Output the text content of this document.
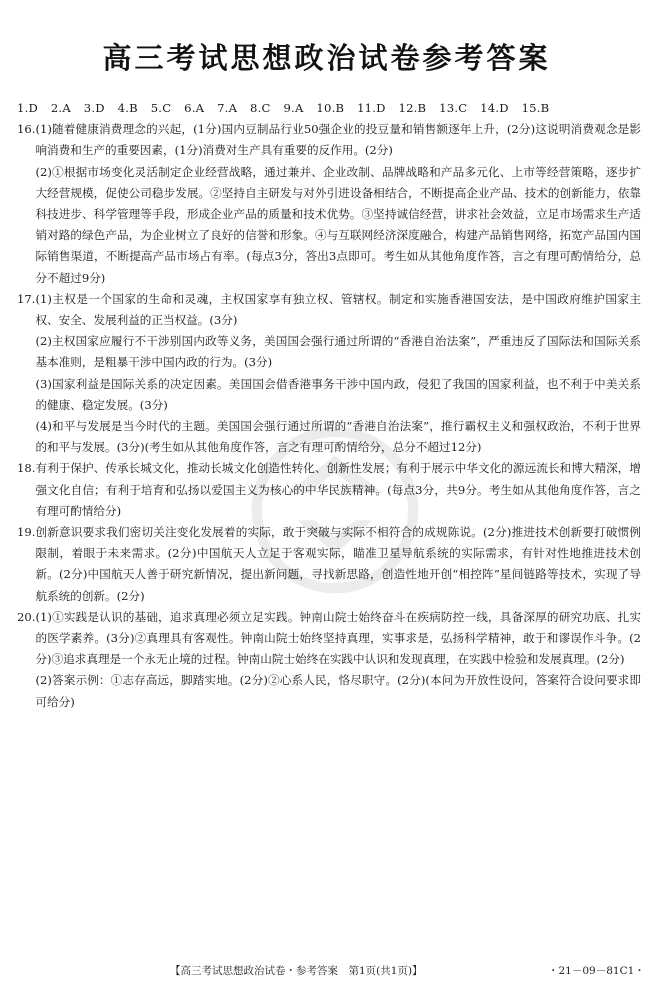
高三考试思想政治试卷参考答案
1.D 2.A 3.D 4.B 5.C 6.A 7.A 8.C 9.A 10.B 11.D 12.B 13.C 14.D 15.B
16. (1)随着健康消费理念的兴起，(1分)国内豆制品行业50强企业的投豆量和销售额逐年上升，(2分)这说明消费观念是影响消费和生产的重要因素，(1分)消费对生产具有重要的反作用。(2分)

(2)①根据市场变化灵活制定企业经营战略，通过兼并、企业改制、品牌战略和产品多元化、上市等经营策略，逐步扩大经营规模，促使公司稳步发展。②坚持自主研发与对外引进设备相结合，不断提高企业产品、技术的创新能力，依靠科技进步、科学管理等手段，形成企业产品的质量和技术优势。③坚持诚信经营，讲求社会效益，立足市场需求生产适销对路的绿色产品，为企业树立了良好的信誉和形象。④与互联网经济深度融合，构建产品销售网络，拓宽产品国内国际销售渠道，不断提高产品市场占有率。(每点3分，答出3点即可。考生如从其他角度作答，言之有理可酌情给分，总分不超过9分)

17. (1)主权是一个国家的生命和灵魂，主权国家享有独立权、管辖权。制定和实施香港国安法，是中国政府维护国家主权、安全、发展利益的正当权益。(3分)

(2)主权国家应履行不干涉别国内政等义务，美国国会强行通过所谓的“香港自治法案”，严重违反了国际法和国际关系基本准则，是粗暴干涉中国内政的行为。(3分)

(3)国家利益是国际关系的决定因素。美国国会借香港事务干涉中国内政，侵犯了我国的国家利益，也不利于中美关系的健康、稳定发展。(3分)

(4)和平与发展是当今时代的主题。美国国会强行通过所谓的“香港自治法案”，推行霸权主义和强权政治，不利于世界的和平与发展。(3分)(考生如从其他角度作答，言之有理可酌情给分，总分不超过12分)

18. 有利于保护、传承长城文化，推动长城文化创造性转化、创新性发展；有利于展示中华文化的源远流长和博大精深，增强文化自信；有利于培育和弘扬以爱国主义为核心的中华民族精神。(每点3分，共9分。考生如从其他角度作答，言之有理可酌情给分)

19. 创新意识要求我们密切关注变化发展着的实际，敢于突破与实际不相符合的成规陈说。(2分)推进技术创新要打破惯例限制，着眼于未来需求。(2分)中国航天人立足于客观实际，瞄准卫星导航系统的实际需求，有针对性地推进技术创新。(2分)中国航天人善于研究新情况，提出新问题，寻找新思路，创造性地开创“相控阵”星间链路等技术，实现了导航系统的创新。(2分)

20. (1)①实践是认识的基础，追求真理必须立足实践。钟南山院士始终奋斗在疾病防控一线，具备深厚的研究功底、扎实的医学素养。(3分)②真理具有客观性。钟南山院士始终坚持真理，实事求是，弘扬科学精神，敢于和谬误作斗争。(2分)③追求真理是一个永无止境的过程。钟南山院士始终在实践中认识和发现真理，在实践中检验和发展真理。(2分)

(2)答案示例：①志存高远，脚踏实地。(2分)②心系人民，恪尽职守。(2分)(本问为开放性设问，答案符合设问要求即可给分)

【高三考试思想政治试卷・参考答案　第1页(共1页)】	・21－09－81C1・
